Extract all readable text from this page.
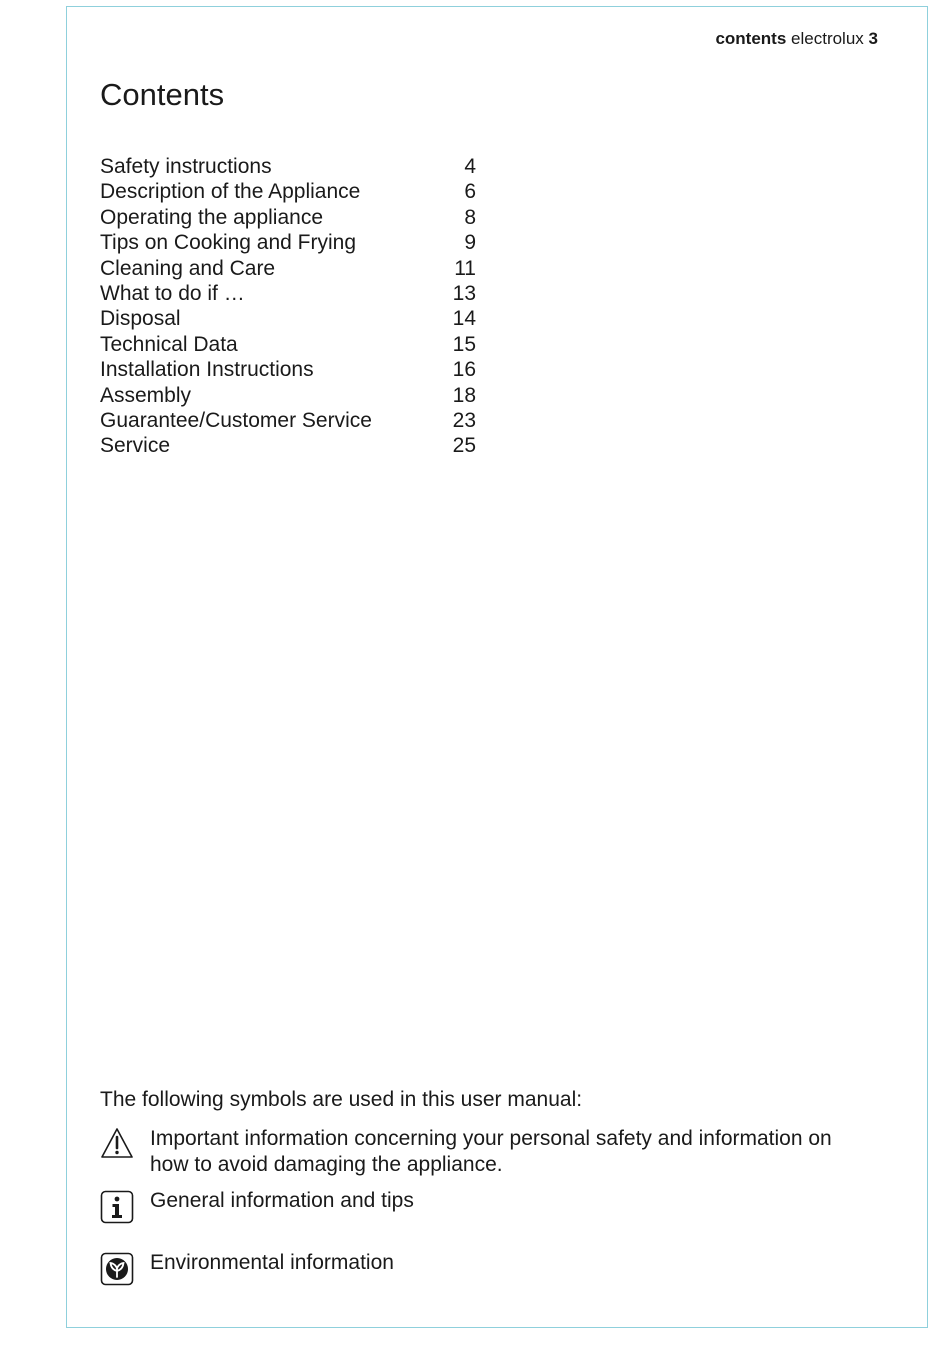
contents electrolux 3
Contents
Safety instructions	4
Description of the Appliance	6
Operating the appliance	8
Tips on Cooking and Frying	9
Cleaning and Care	11
What to do if …	13
Disposal	14
Technical Data	15
Installation Instructions	16
Assembly	18
Guarantee/Customer Service	23
Service	25
The following symbols are used in this user manual:
Important information concerning your personal safety and information on
how to avoid damaging the appliance.
General information and tips
Environmental information
